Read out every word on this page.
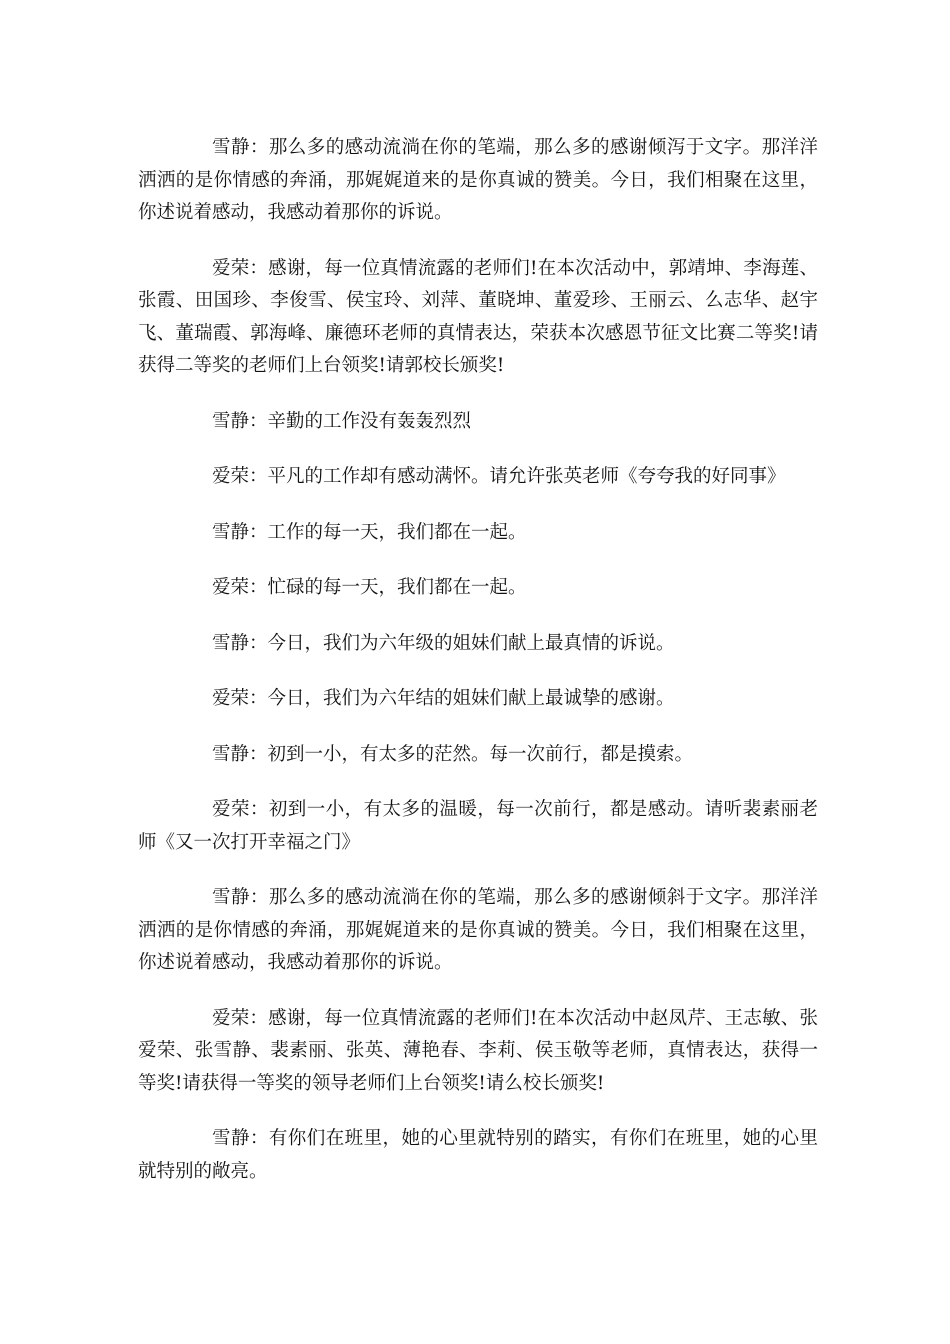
雪静：那么多的感动流淌在你的笔端，那么多的感谢倾泻于文字。那洋洋洒洒的是你情感的奔涌，那娓娓道来的是你真诚的赞美。今日，我们相聚在这里，你述说着感动，我感动着那你的诉说。

爱荣：感谢，每一位真情流露的老师们!在本次活动中，郭靖坤、李海莲、张霞、田国珍、李俊雪、侯宝玲、刘萍、董晓坤、董爱珍、王丽云、么志华、赵宇飞、董瑞霞、郭海峰、廉德环老师的真情表达，荣获本次感恩节征文比赛二等奖!请获得二等奖的老师们上台领奖!请郭校长颁奖!

雪静：辛勤的工作没有轰轰烈烈

爱荣：平凡的工作却有感动满怀。请允许张英老师《夸夸我的好同事》

雪静：工作的每一天，我们都在一起。

爱荣：忙碌的每一天，我们都在一起。

雪静：今日，我们为六年级的姐妹们献上最真情的诉说。

爱荣：今日，我们为六年结的姐妹们献上最诚挚的感谢。

雪静：初到一小，有太多的茫然。每一次前行，都是摸索。

爱荣：初到一小，有太多的温暖，每一次前行，都是感动。请听裴素丽老师《又一次打开幸福之门》

雪静：那么多的感动流淌在你的笔端，那么多的感谢倾斜于文字。那洋洋洒洒的是你情感的奔涌，那娓娓道来的是你真诚的赞美。今日，我们相聚在这里，你述说着感动，我感动着那你的诉说。

爱荣：感谢，每一位真情流露的老师们!在本次活动中赵凤芹、王志敏、张爱荣、张雪静、裴素丽、张英、薄艳春、李莉、侯玉敬等老师，真情表达，获得一等奖!请获得一等奖的领导老师们上台领奖!请么校长颁奖!

雪静：有你们在班里，她的心里就特别的踏实，有你们在班里，她的心里就特别的敞亮。
